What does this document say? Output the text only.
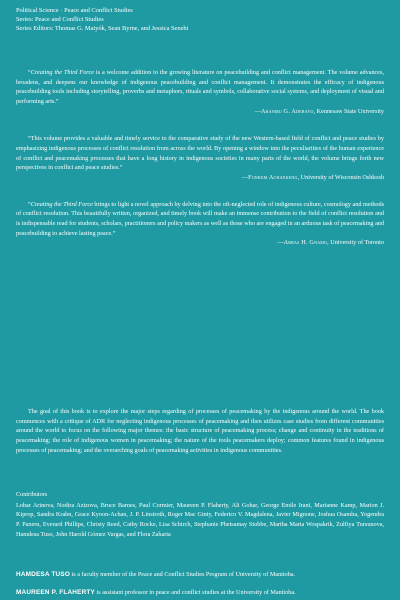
Political Science · Peace and Conflict Studies
Series: Peace and Conflict Studies
Series Editors: Thomas G. Matyók, Sean Byrne, and Jessica Senehi
“Creating the Third Force is a welcome addition to the growing literature on peacebuilding and conflict management. The volume advances, broadens, and deepens our knowledge of indigenous peacebuilding and conflict management. It demonstrates the efficacy of indigenous peacebuilding tools including storytelling, proverbs and metaphors, rituals and symbols, collaborative social systems, and deployment of visual and performing arts.”
—Akanmu G. Adebayo, Kennesaw State University
“This volume provides a valuable and timely service to the comparative study of the new Western-based field of conflict and peace studies by emphasizing indigenous processes of conflict resolution from across the world. By opening a window into the peculiarities of the human experience of conflict and peacemaking processes that have a long history in indigenous societies in many parts of the world, the volume brings forth new perspectives in conflict and peace studies.”
—Fonkem Achankeng, University of Wisconsin Oshkosh
“Creating the Third Force brings to light a novel approach by delving into the oft-neglected role of indigenous culture, cosmology and methods of conflict resolution. This beautifully written, organized, and timely book will make an immense contribution to the field of conflict resolution and is indispensable read for students, scholars, practitioners and policy makers as well as those who are engaged in an arduous task of peacemaking and peacebuilding to achieve lasting peace.”
—Abbas H. Gnamo, University of Toronto
The goal of this book is to explore the major steps regarding of processes of peacemaking by the indigenous around the world. The book commences with a critique of ADR for neglecting indigenous processes of peacemaking and then utilizes case studies from different communities around the world to focus on the following major themes: the basic structure of peacemaking process; change and continuity in the traditions of peacemaking; the role of indigenous women in peacemaking; the nature of the tools peacemakers deploy; common features found in indigenous processes of peacemaking; and the overarching goals of peacemaking activities in indigenous communities.
Contributors
Lobar Arinova, Nodira Azizova, Bruce Barnes, Paul Cormier, Maureen P. Flaherty, Ali Gohar, George Emile Irani, Marianne Kamp, Marion J. Kiprop, Sandra Krahn, Grace Kyoon-Achan, J. P. Linstroth, Roger Mac Ginty, Federico V. Magdalena, Javier Mignone, Joshua Osamba, Yogendra P. Paneru, Everard Phillips, Christy Reed, Cathy Rocke, Lisa Schirch, Stephanie Phetsamay Stobbe, Martha Maria Wospakrik, Zulfiya Tursunova, Hamdesa Tuso, John Harold Gómez Vargas, and Flora Zaharia
HAMDESA TUSO is a faculty member of the Peace and Conflict Studies Program of University of Manitoba.
MAUREEN P. FLAHERTY is assistant professor in peace and conflict studies at the University of Manitoba.
